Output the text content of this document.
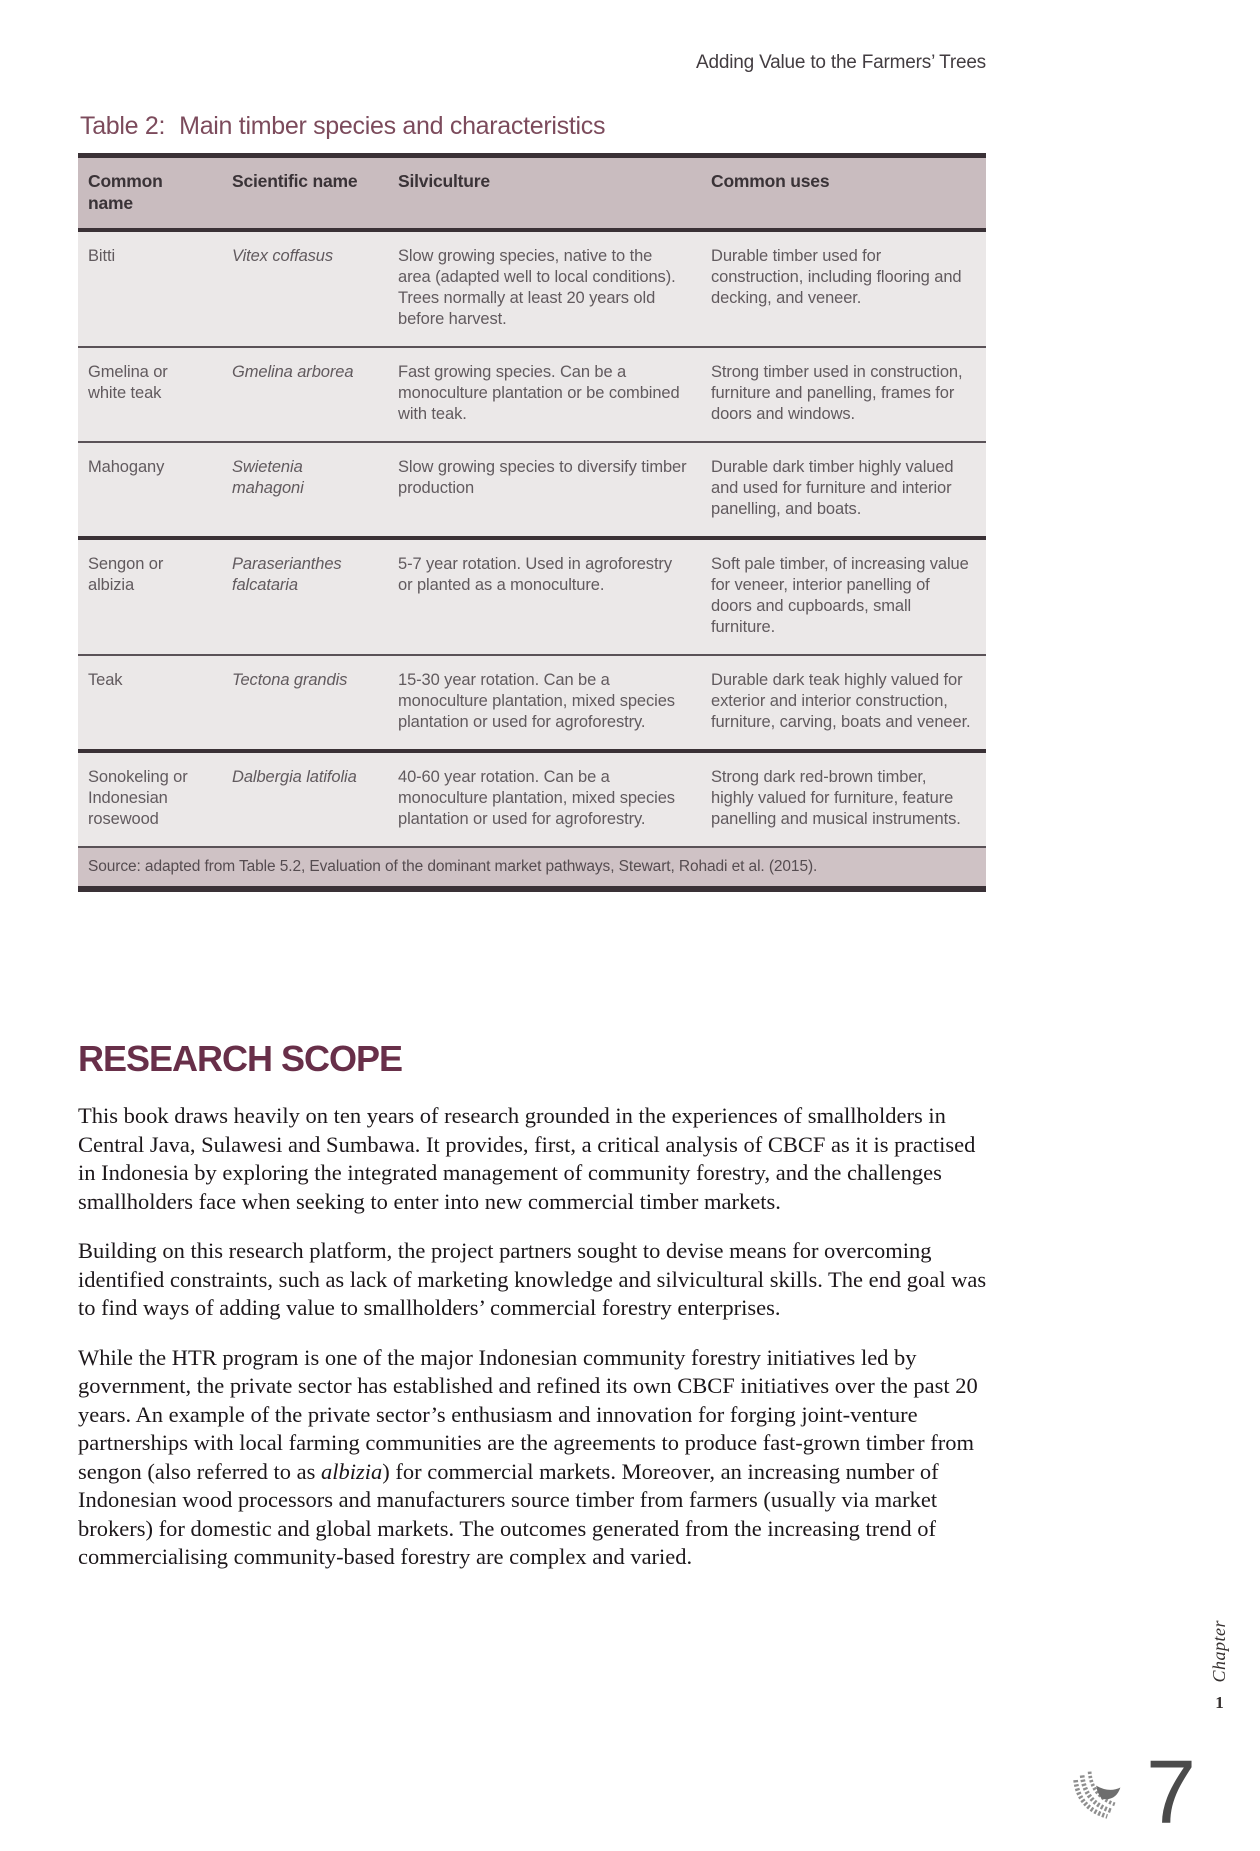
Adding Value to the Farmers’ Trees
Table 2: Main timber species and characteristics
Common name	Scientific name	Silviculture	Common uses
Bitti	Vitex coffasus	Slow growing species, native to the area (adapted well to local conditions). Trees normally at least 20 years old before harvest.	Durable timber used for construction, including flooring and decking, and veneer.
Gmelina or white teak	Gmelina arborea	Fast growing species. Can be a monoculture plantation or be combined with teak.	Strong timber used in construction, furniture and panelling, frames for doors and windows.
Mahogany	Swietenia mahagoni	Slow growing species to diversify timber production	Durable dark timber highly valued and used for furniture and interior panelling, and boats.
Sengon or albizia	Paraserianthes falcataria	5-7 year rotation. Used in agroforestry or planted as a monoculture.	Soft pale timber, of increasing value for veneer, interior panelling of doors and cupboards, small furniture.
Teak	Tectona grandis	15-30 year rotation. Can be a monoculture plantation, mixed species plantation or used for agroforestry.	Durable dark teak highly valued for exterior and interior construction, furniture, carving, boats and veneer.
Sonokeling or Indonesian rosewood	Dalbergia latifolia	40-60 year rotation. Can be a monoculture plantation, mixed species plantation or used for agroforestry.	Strong dark red-brown timber, highly valued for furniture, feature panelling and musical instruments.
Source: adapted from Table 5.2, Evaluation of the dominant market pathways, Stewart, Rohadi et al. (2015).			
RESEARCH SCOPE

This book draws heavily on ten years of research grounded in the experiences of smallholders in Central Java, Sulawesi and Sumbawa. It provides, first, a critical analysis of CBCF as it is practised in Indonesia by exploring the integrated management of community forestry, and the challenges smallholders face when seeking to enter into new commercial timber markets.

Building on this research platform, the project partners sought to devise means for overcoming identified constraints, such as lack of marketing knowledge and silvicultural skills. The end goal was to find ways of adding value to smallholders’ commercial forestry enterprises.

While the HTR program is one of the major Indonesian community forestry initiatives led by government, the private sector has established and refined its own CBCF initiatives over the past 20 years. An example of the private sector’s enthusiasm and innovation for forging joint-venture partnerships with local farming communities are the agreements to produce fast-grown timber from sengon (also referred to as albizia) for commercial markets. Moreover, an increasing number of Indonesian wood processors and manufacturers source timber from farmers (usually via market brokers) for domestic and global markets. The outcomes generated from the increasing trend of commercialising community-based forestry are complex and varied.

Chapter
1
7
